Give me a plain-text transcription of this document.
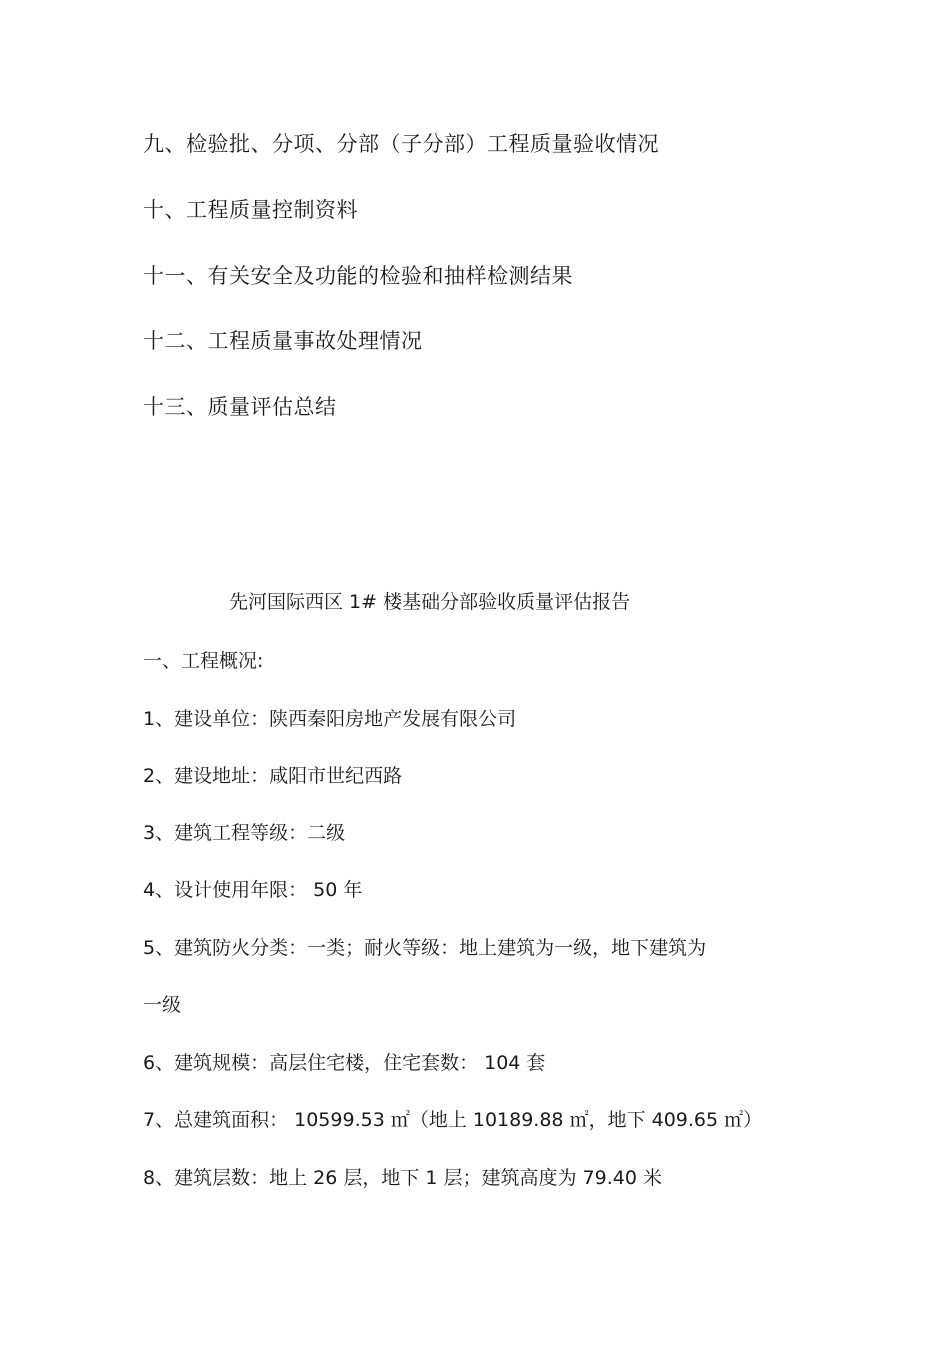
九、检验批、分项、分部（子分部）工程质量验收情况
十、工程质量控制资料
十一、有关安全及功能的检验和抽样检测结果
十二、工程质量事故处理情况
十三、质量评估总结
先河国际西区 1# 楼基础分部验收质量评估报告
一、工程概况:
1、建设单位：陕西秦阳房地产发展有限公司
2、建设地址：咸阳市世纪西路
3、建筑工程等级：二级
4、设计使用年限： 50 年
5、建筑防火分类：一类；耐火等级：地上建筑为一级，地下建筑为
一级
6、建筑规模：高层住宅楼，住宅套数： 104 套
7、总建筑面积： 10599.53 ㎡（地上 10189.88 ㎡，地下 409.65 ㎡）
8、建筑层数：地上 26 层，地下 1 层；建筑高度为 79.40 米
